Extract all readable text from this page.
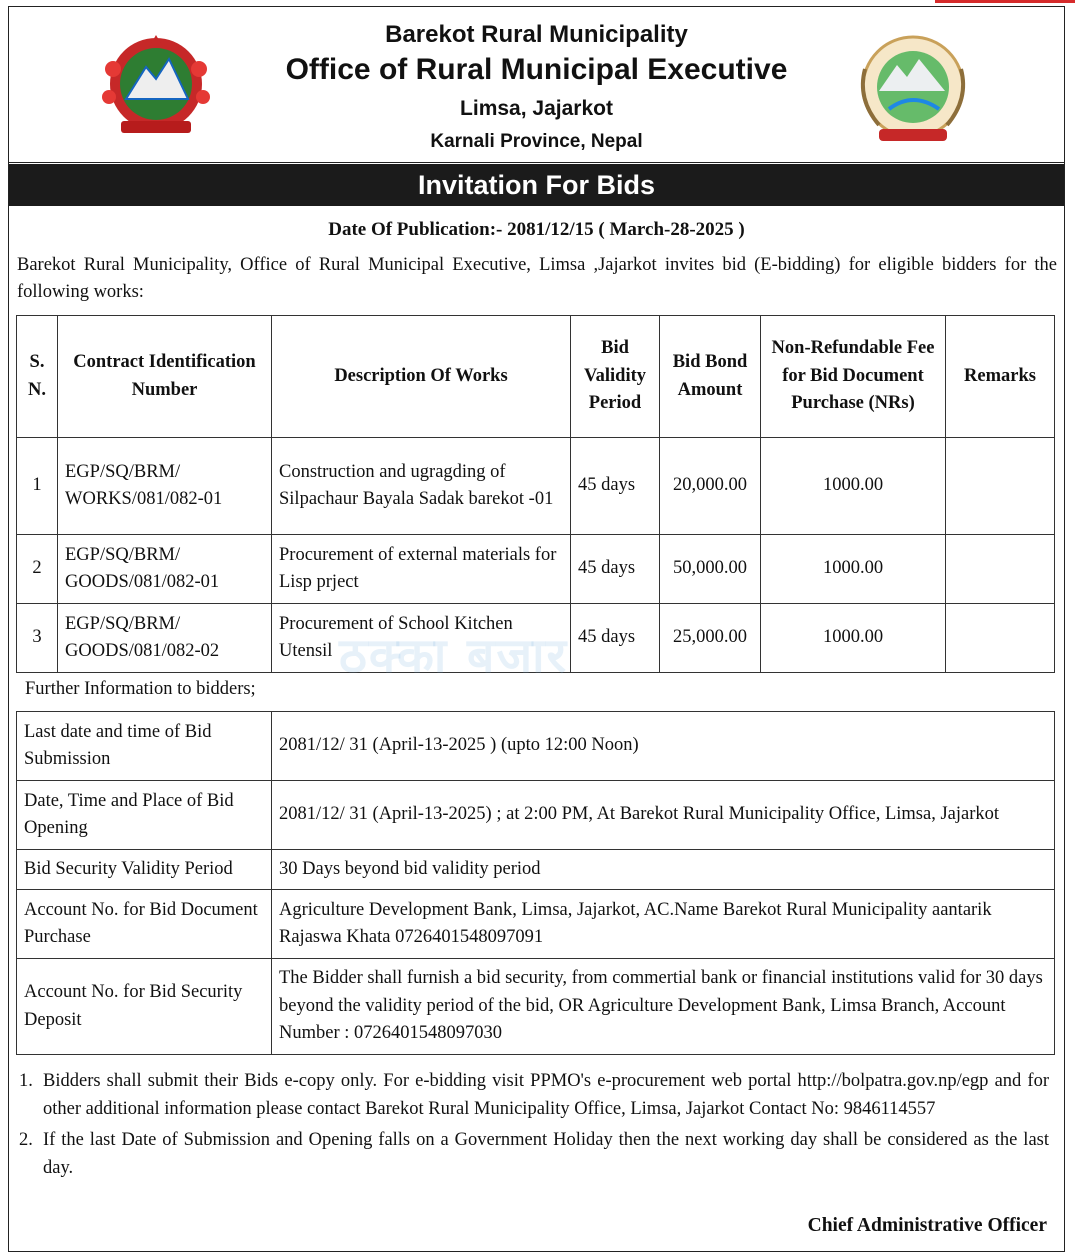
Barekot Rural Municipality
Office of Rural Municipal Executive
Limsa, Jajarkot
Karnali Province, Nepal
Invitation For Bids
Date Of Publication:- 2081/12/15 ( March-28-2025 )
Barekot Rural Municipality, Office of Rural Municipal Executive, Limsa ,Jajarkot invites bid (E-bidding) for eligible bidders for the following works:
S. N.	Contract Identification Number	Description Of Works	Bid Validity Period	Bid Bond Amount	Non-Refundable Fee for Bid Document Purchase (NRs)	Remarks
1	EGP/SQ/BRM/ WORKS/081/082-01	Construction and ugragding of Silpachaur Bayala Sadak barekot -01	45 days	20,000.00	1000.00	
2	EGP/SQ/BRM/ GOODS/081/082-01	Procurement of external materials for Lisp prject	45 days	50,000.00	1000.00	
3	EGP/SQ/BRM/ GOODS/081/082-02	Procurement of School Kitchen Utensil	45 days	25,000.00	1000.00	
ठक्का बजार
Further Information to bidders;
Last date and time of Bid Submission	2081/12/ 31 (April-13-2025 ) (upto 12:00 Noon)
Date, Time and Place of Bid Opening	2081/12/ 31 (April-13-2025) ; at 2:00 PM, At Barekot Rural Municipality Office, Limsa, Jajarkot
Bid Security Validity Period	30 Days beyond bid validity period
Account No. for Bid Document Purchase	Agriculture Development Bank, Limsa, Jajarkot, AC.Name Barekot Rural Municipality aantarik Rajaswa Khata 0726401548097091
Account No. for Bid Security Deposit	The Bidder shall furnish a bid security, from commertial bank or financial institutions valid for 30 days beyond the validity period of the bid, OR Agriculture Development Bank, Limsa Branch, Account Number : 0726401548097030
1. Bidders shall submit their Bids e-copy only. For e-bidding visit PPMO's e-procurement web portal http://bolpatra.gov.np/egp and for other additional information please contact Barekot Rural Municipality Office, Limsa, Jajarkot Contact No: 9846114557
2. If the last Date of Submission and Opening falls on a Government Holiday then the next working day shall be considered as the last day.
Chief Administrative Officer
